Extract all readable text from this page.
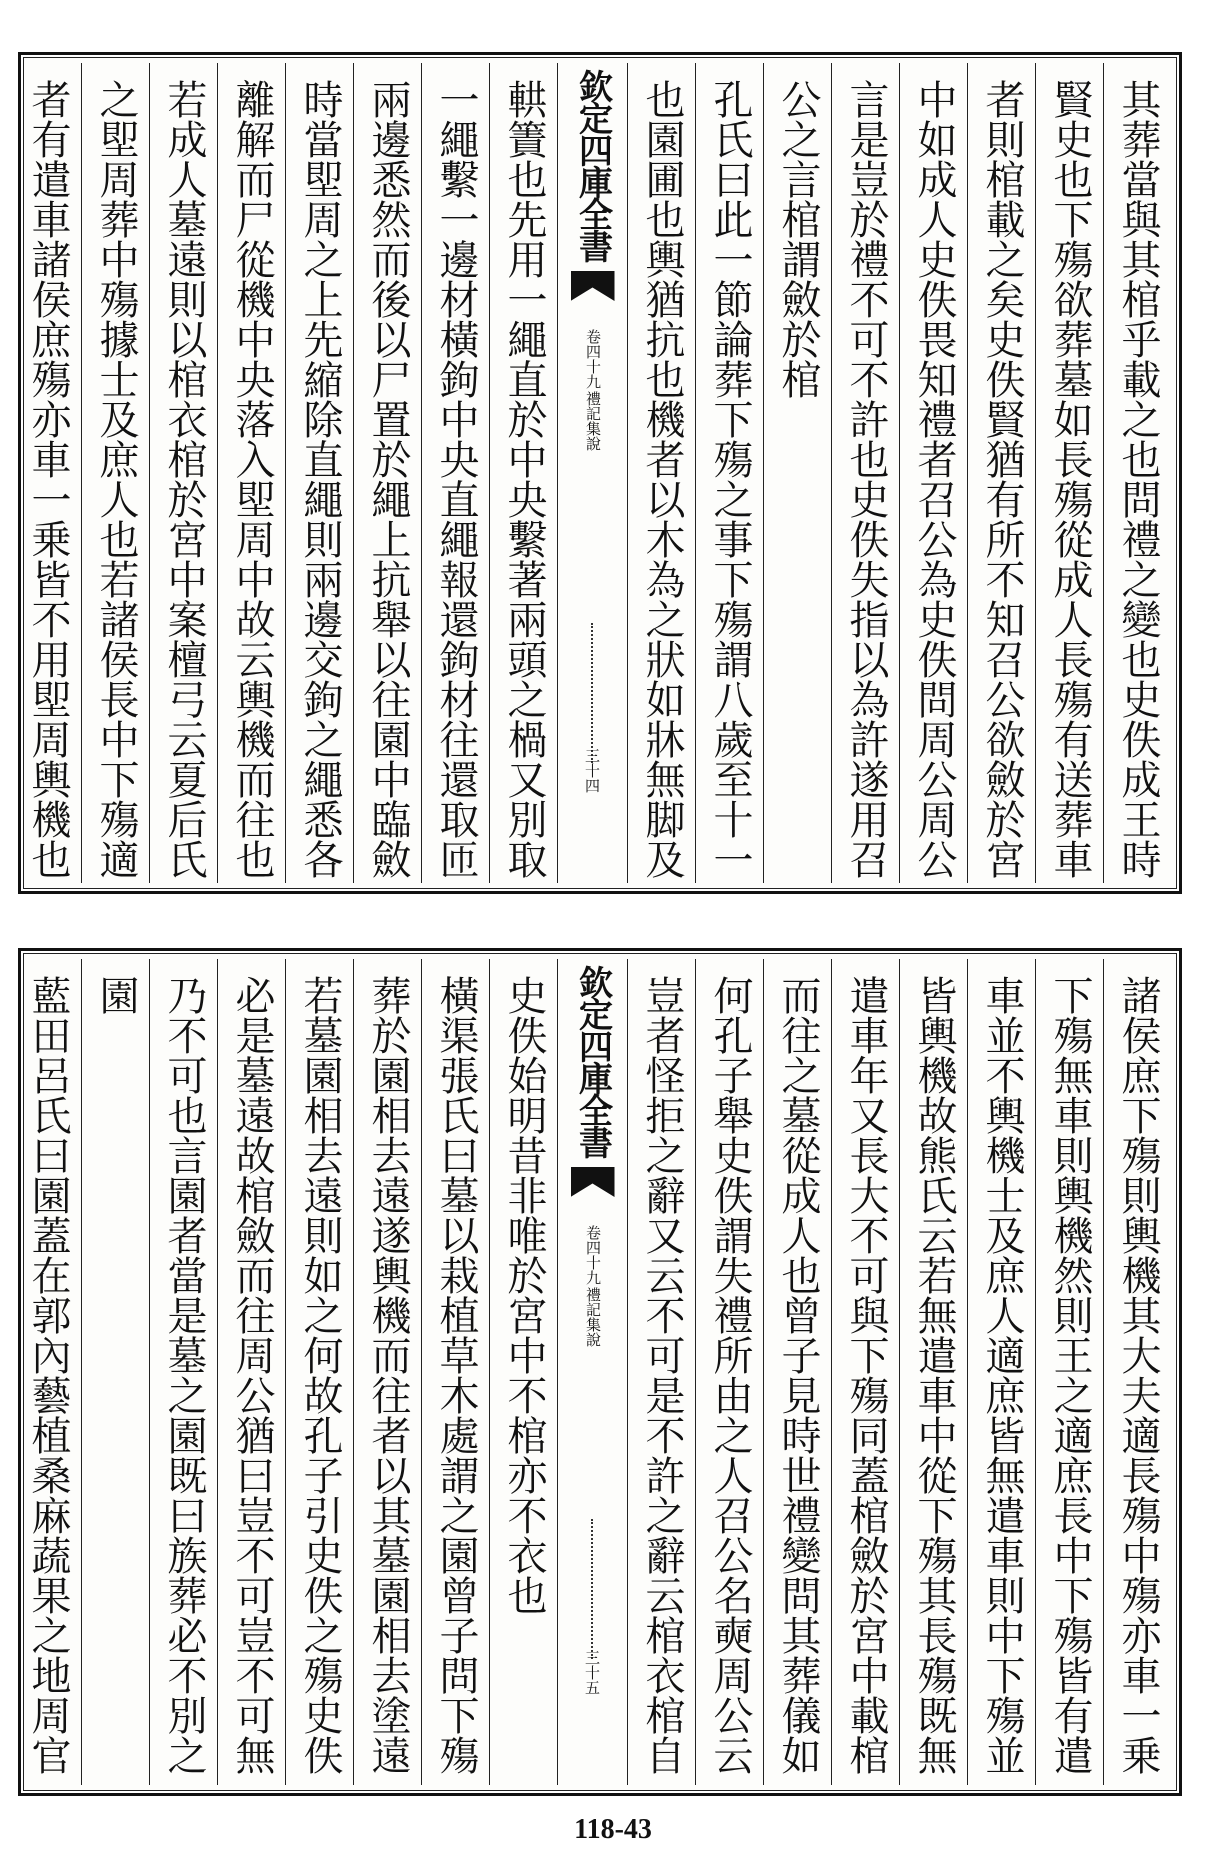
其葬當與其棺乎載之也問禮之變也史佚成王時
賢史也下殤欲葬墓如長殤從成人長殤有送葬車
者則棺載之矣史佚賢猶有所不知召公欲斂於宮
中如成人史佚畏知禮者召公為史佚問周公周公
言是豈於禮不可不許也史佚失指以為許遂用召
公之言棺謂斂於棺
孔氏曰此一節論葬下殤之事下殤謂八歲至十一
也園圃也輿猶抗也機者以木為之狀如牀無脚及
欽定四庫全書
禮記集說
卷四十九
三十四
輁簀也先用一繩直於中央繫著兩頭之楇又別取
一繩繫一邊材橫鉤中央直繩報還鉤材往還取匝
兩邊悉然而後以尸置於繩上抗舉以往園中臨斂
時當堲周之上先縮除直繩則兩邊交鉤之繩悉各
離解而尸從機中央落入堲周中故云輿機而往也
若成人墓遠則以棺衣棺於宮中案檀弓云夏后氏
之堲周葬中殤據士及庶人也若諸侯長中下殤適
者有遣車諸侯庶殤亦車一乗皆不用堲周輿機也
諸侯庶下殤則輿機其大夫適長殤中殤亦車一乗
下殤無車則輿機然則王之適庶長中下殤皆有遣
車並不輿機士及庶人適庶皆無遣車則中下殤並
皆輿機故熊氏云若無遣車中從下殤其長殤既無
遣車年又長大不可與下殤同蓋棺斂於宮中載棺
而往之墓從成人也曾子見時世禮變問其葬儀如
何孔子舉史佚謂失禮所由之人召公名奭周公云
豈者怪拒之辭又云不可是不許之辭云棺衣棺自
欽定四庫全書
禮記集說
卷四十九
三十五
史佚始明昔非唯於宮中不棺亦不衣也
橫渠張氏曰墓以栽植草木處謂之園曾子問下殤
葬於園相去遠遂輿機而往者以其墓園相去塗遠
若墓園相去遠則如之何故孔子引史佚之殤史佚
必是墓遠故棺斂而往周公猶曰豈不可豈不可無
乃不可也言園者當是墓之園既曰族葬必不別之
園
藍田呂氏曰園蓋在郭內藝植桑麻蔬果之地周官
118-43
